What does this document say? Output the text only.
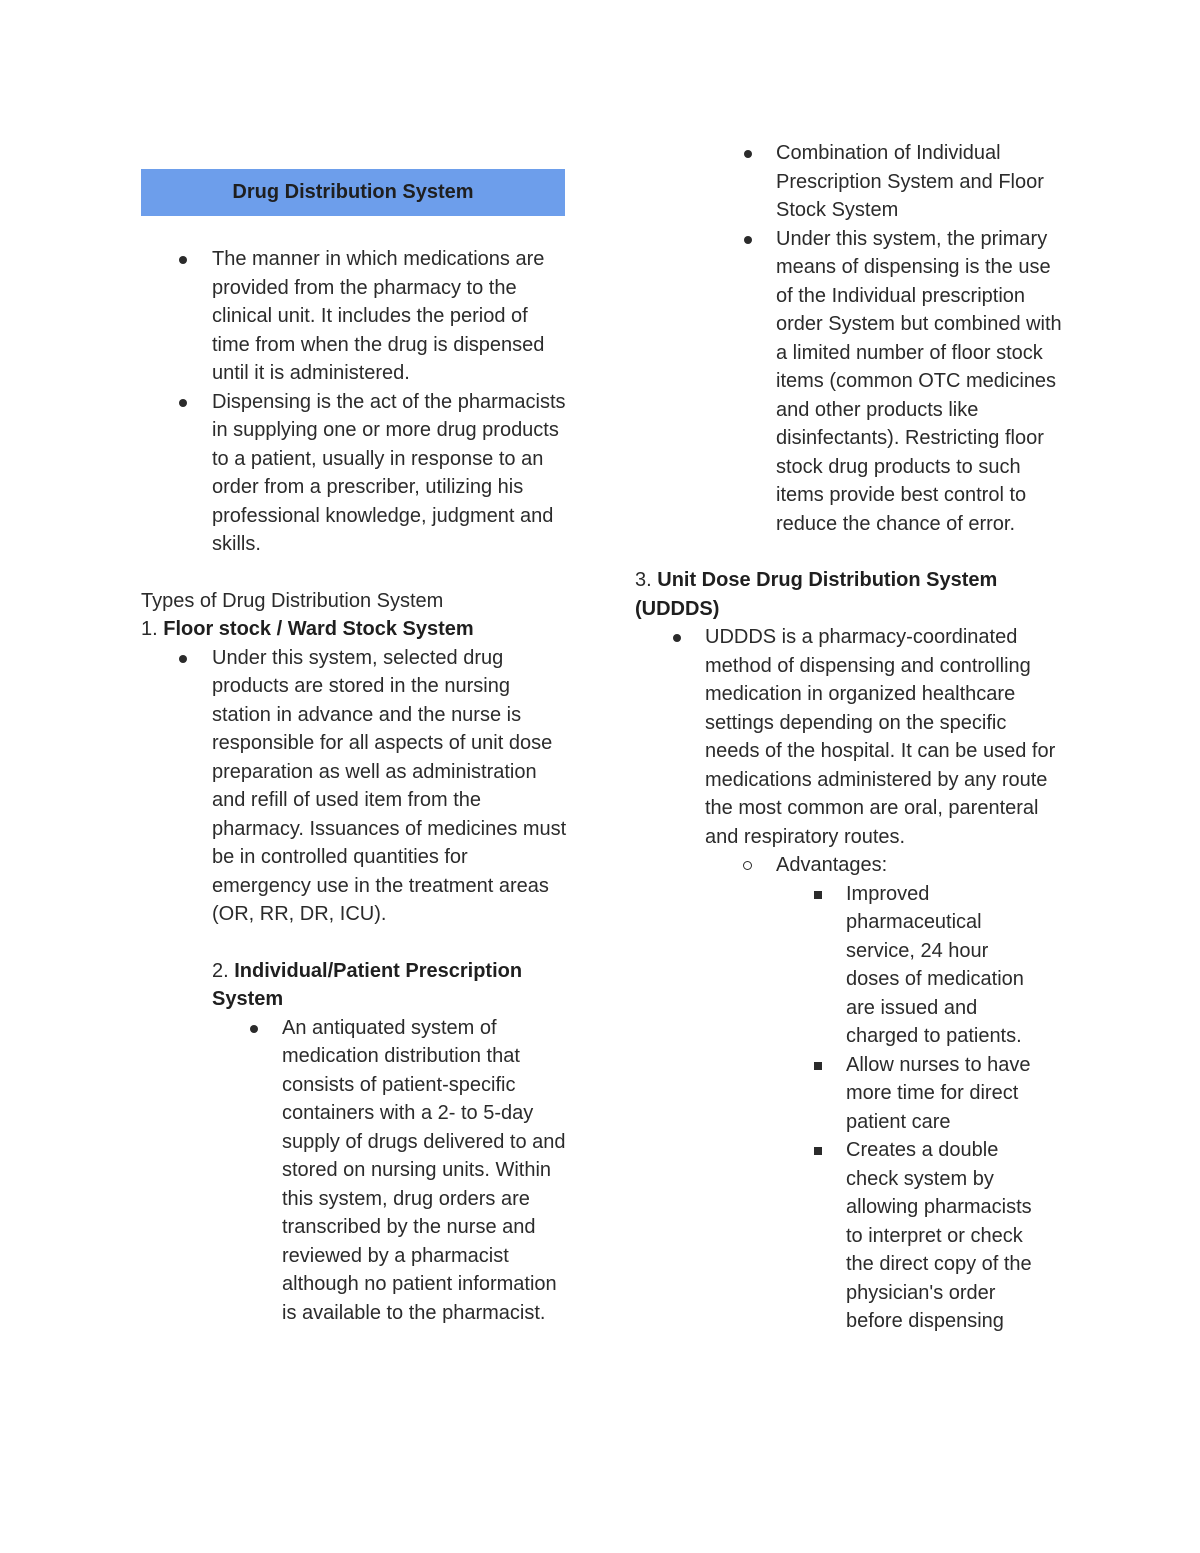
Drug Distribution System
The manner in which medications are provided from the pharmacy to the clinical unit. It includes the period of time from when the drug is dispensed until it is administered.
Dispensing is the act of the pharmacists in supplying one or more drug products to a patient, usually in response to an order from a prescriber, utilizing his professional knowledge, judgment and skills.

Types of Drug Distribution System

1. Floor stock / Ward Stock System

Under this system, selected drug products are stored in the nursing station in advance and the nurse is responsible for all aspects of unit dose preparation as well as administration and refill of used item from the pharmacy. Issuances of medicines must be in controlled quantities for emergency use in the treatment areas (OR, RR, DR, ICU).

2. Individual/Patient Prescription System

An antiquated system of medication distribution that consists of patient-specific containers with a 2- to 5-day supply of drugs delivered to and stored on nursing units. Within this system, drug orders are transcribed by the nurse and reviewed by a pharmacist although no patient information is available to the pharmacist.
Combination of Individual Prescription System and Floor Stock System
Under this system, the primary means of dispensing is the use of the Individual prescription order System but combined with a limited number of floor stock items (common OTC medicines and other products like disinfectants). Restricting floor stock drug products to such items provide best control to reduce the chance of error.

3. Unit Dose Drug Distribution System (UDDDS)

UDDDS is a pharmacy-coordinated method of dispensing and controlling medication in organized healthcare settings depending on the specific needs of the hospital. It can be used for medications administered by any route the most common are oral, parenteral and respiratory routes.
Advantages:
Improved pharmaceutical service, 24 hour doses of medication are issued and charged to patients.
Allow nurses to have more time for direct patient care
Creates a double check system by allowing pharmacists to interpret or check the direct copy of the physician's order before dispensing
